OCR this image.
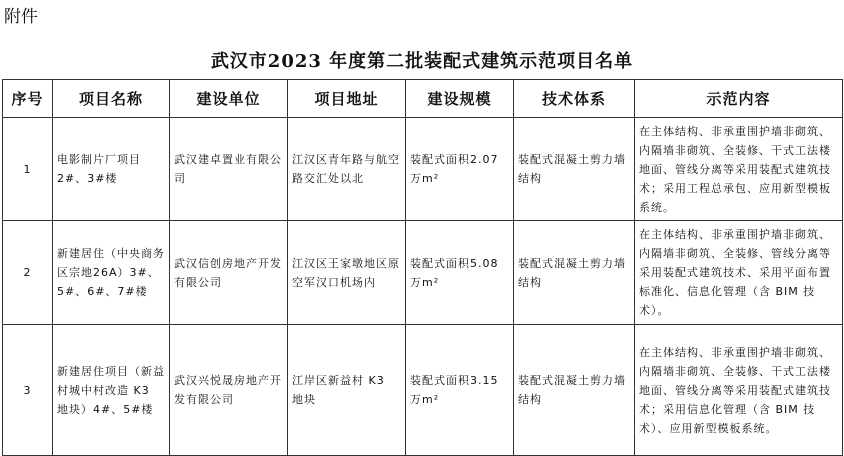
附件
武汉市2023 年度第二批装配式建筑示范项目名单
序号	项目名称	建设单位	项目地址	建设规模	技术体系	示范内容
1	电影制片厂项目2#、3#楼	武汉建卓置业有限公司	江汉区青年路与航空路交汇处以北	装配式面积2.07 万m²	装配式混凝土剪力墙结构	在主体结构、非承重围护墙非砌筑、内隔墙非砌筑、全装修、干式工法楼地面、管线分离等采用装配式建筑技术；采用工程总承包、应用新型模板系统。
2	新建居住（中央商务区宗地26A）3#、5#、6#、7#楼	武汉信创房地产开发有限公司	江汉区王家墩地区原空军汉口机场内	装配式面积5.08 万m²	装配式混凝土剪力墙结构	在主体结构、非承重围护墙非砌筑、内隔墙非砌筑、全装修、管线分离等采用装配式建筑技术、采用平面布置标准化、信息化管理（含 BIM 技术）。
3	新建居住项目（新益村城中村改造 K3 地块）4#、5#楼	武汉兴悦晟房地产开发有限公司	江岸区新益村 K3 地块	装配式面积3.15 万m²	装配式混凝土剪力墙结构	在主体结构、非承重围护墙非砌筑、内隔墙非砌筑、全装修、干式工法楼地面、管线分离等采用装配式建筑技术；采用信息化管理（含 BIM 技术）、应用新型模板系统。
